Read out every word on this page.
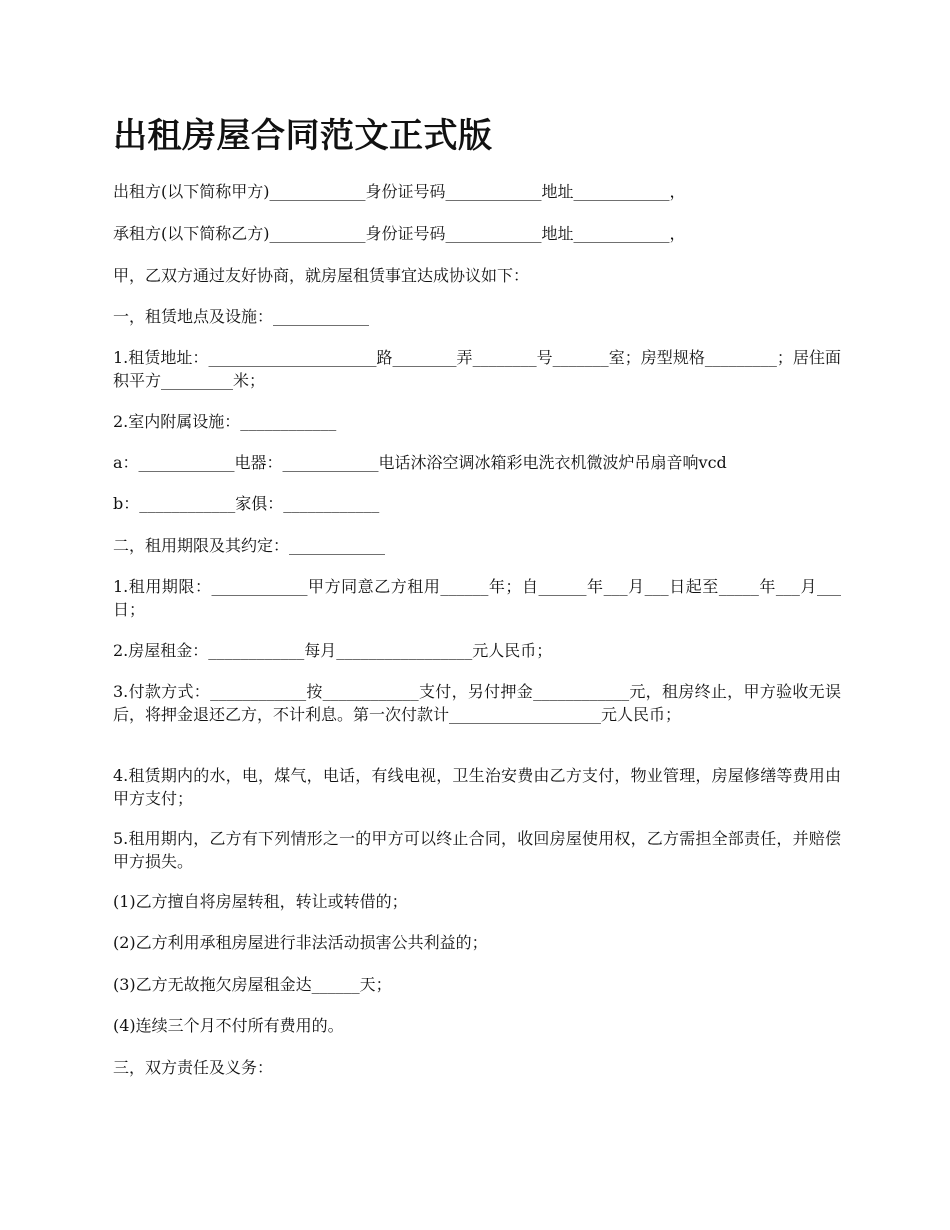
出租房屋合同范文正式版

出租方(以下简称甲方)____________身份证号码____________地址____________，

承租方(以下简称乙方)____________身份证号码____________地址____________，

甲，乙双方通过友好协商，就房屋租赁事宜达成协议如下：

一，租赁地点及设施：____________

1.租赁地址：_____________________路________弄________号_______室；房型规格_________；居住面积平方_________米；

2.室内附属设施：____________

a：____________电器：____________电话沐浴空调冰箱彩电洗衣机微波炉吊扇音响vcd

b：____________家俱：____________

二，租用期限及其约定：____________

1.租用期限：____________甲方同意乙方租用______年；自______年___月___日起至_____年___月___日；

2.房屋租金：____________每月_________________元人民币；

3.付款方式：____________按____________支付，另付押金____________元，租房终止，甲方验收无误后，将押金退还乙方，不计利息。第一次付款计___________________元人民币；

4.租赁期内的水，电，煤气，电话，有线电视，卫生治安费由乙方支付，物业管理，房屋修缮等费用由甲方支付；

5.租用期内，乙方有下列情形之一的甲方可以终止合同，收回房屋使用权，乙方需担全部责任，并赔偿甲方损失。

(1)乙方擅自将房屋转租，转让或转借的；

(2)乙方利用承租房屋进行非法活动损害公共利益的；

(3)乙方无故拖欠房屋租金达______天；

(4)连续三个月不付所有费用的。

三，双方责任及义务：
